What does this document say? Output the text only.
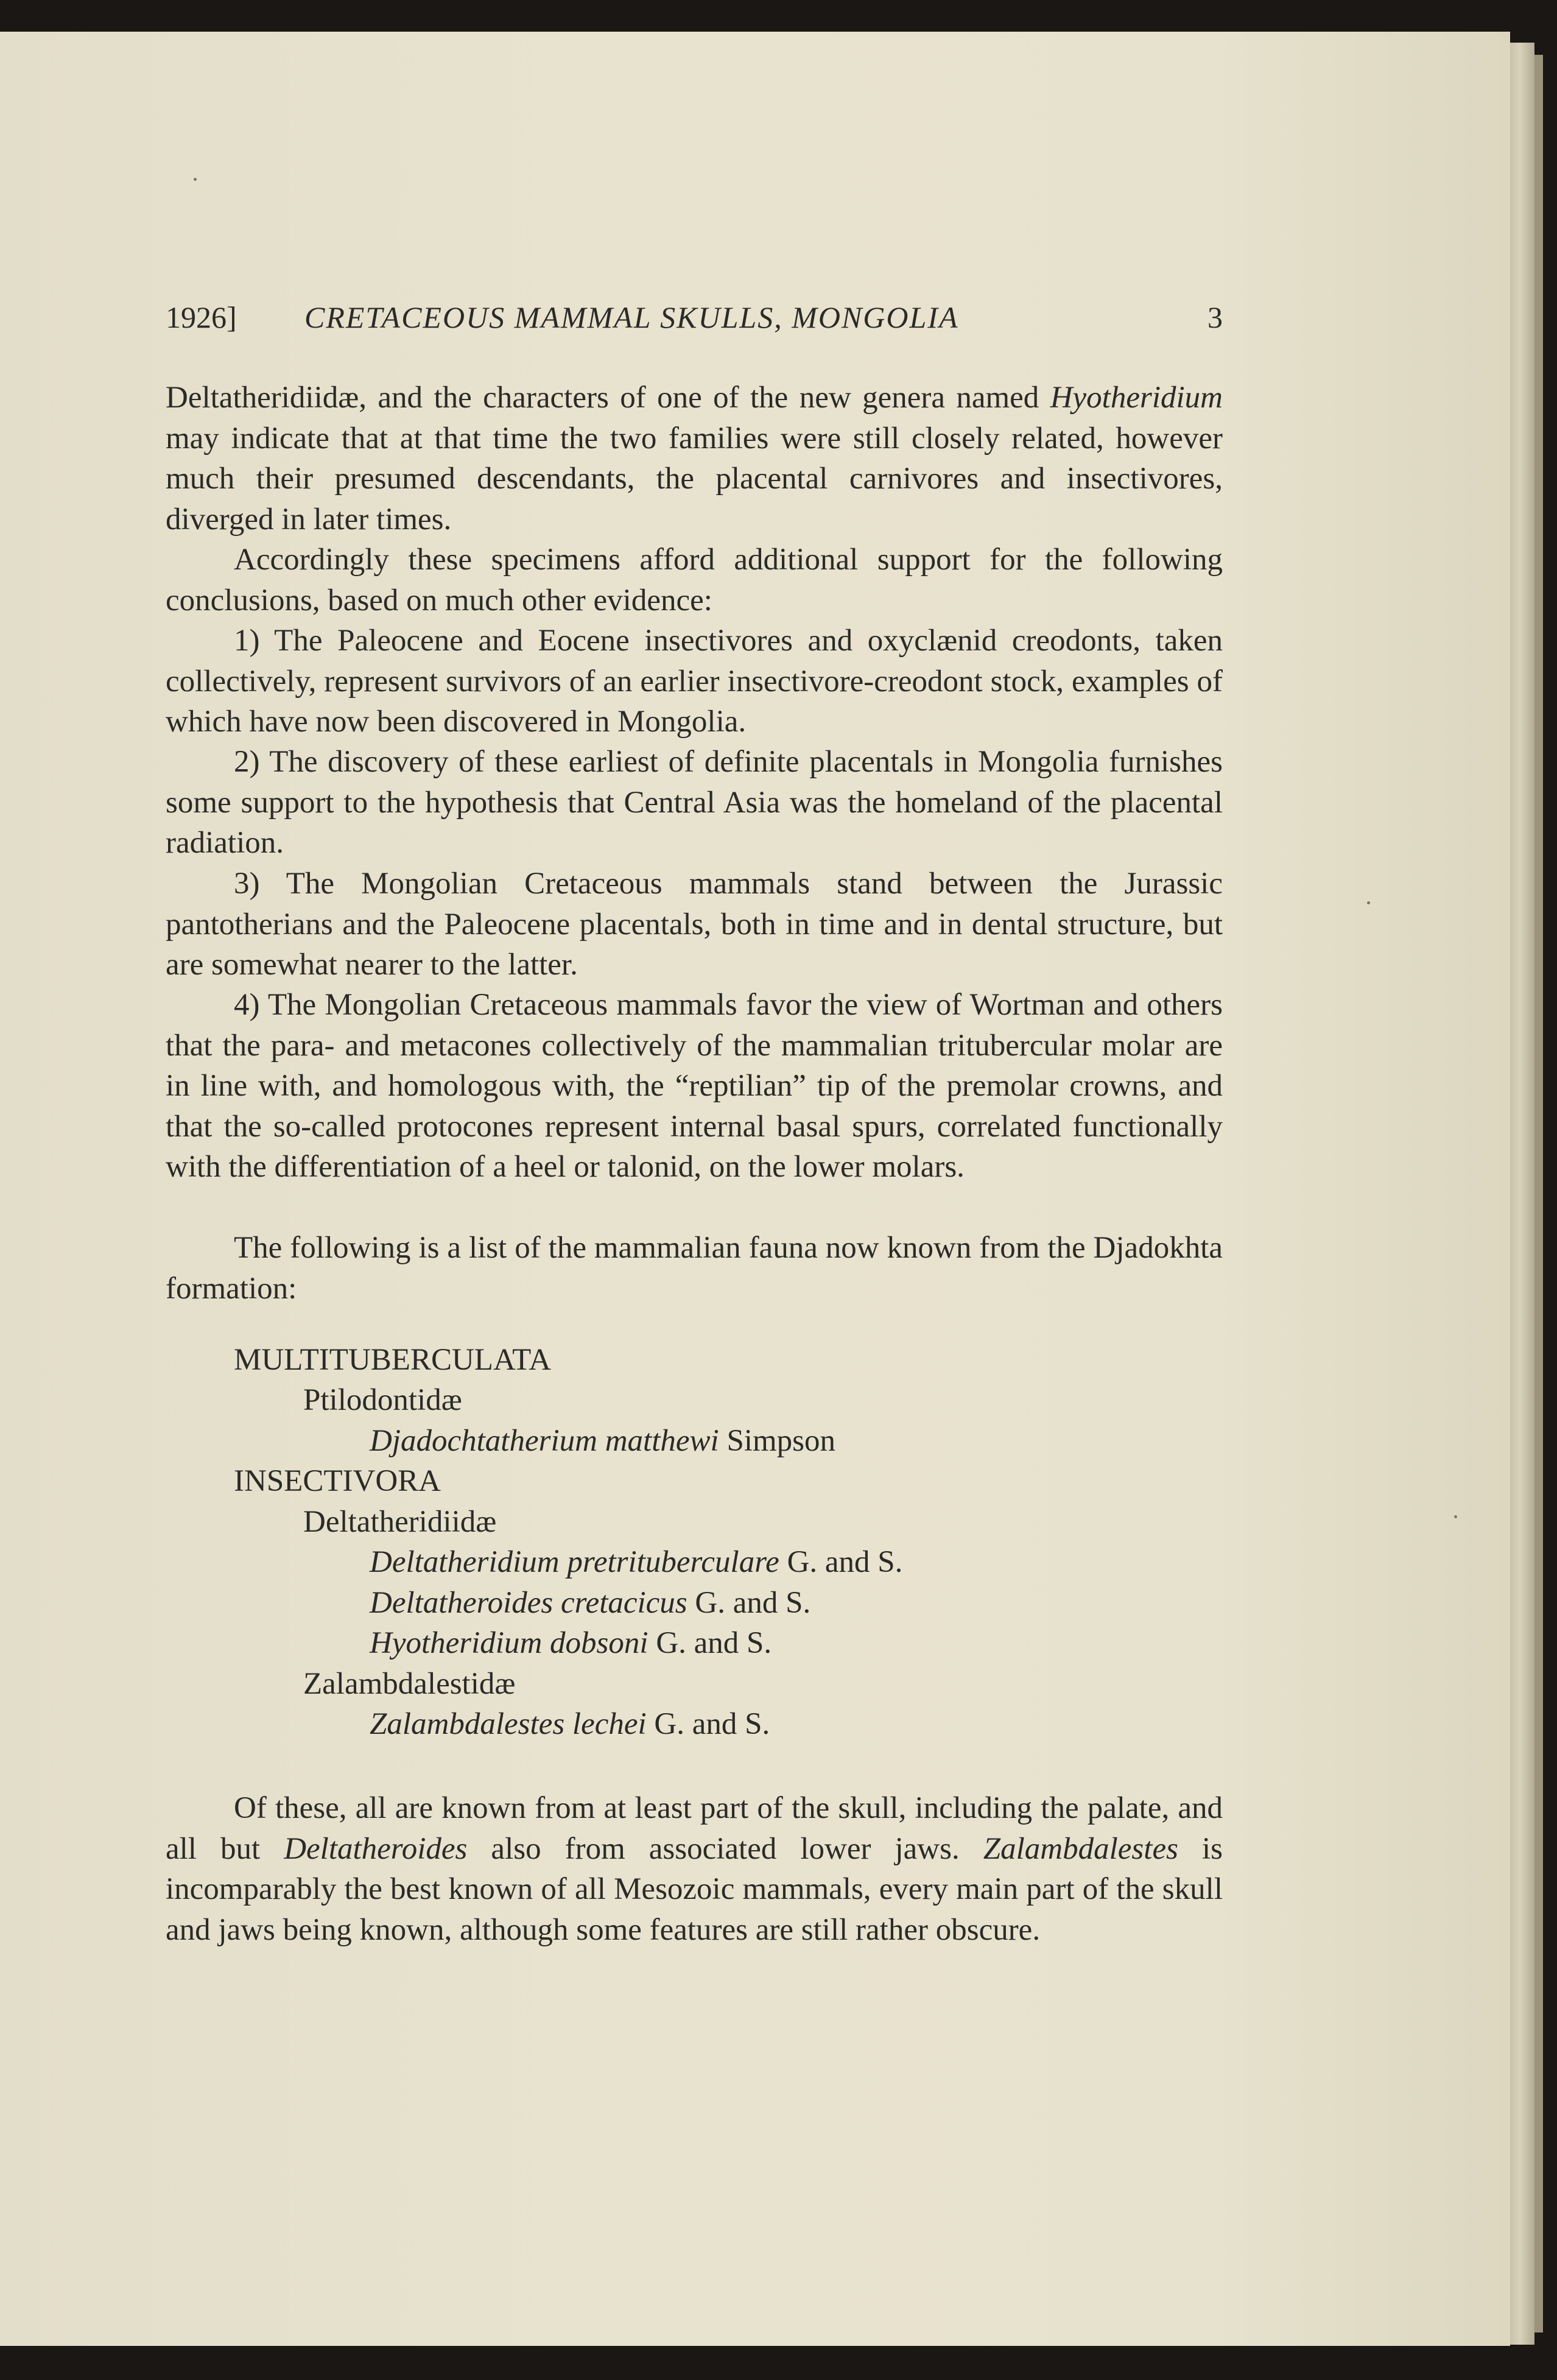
1926] CRETACEOUS MAMMAL SKULLS, MONGOLIA	3

Deltatheridiidæ, and the characters of one of the new genera named Hyotheridium may indicate that at that time the two families were still closely related, however much their presumed descendants, the placental carnivores and insectivores, diverged in later times.

Accordingly these specimens afford additional support for the following conclusions, based on much other evidence:

1) The Paleocene and Eocene insectivores and oxyclænid creodonts, taken collectively, represent survivors of an earlier insectivore-creodont stock, examples of which have now been discovered in Mongolia.

2) The discovery of these earliest of definite placentals in Mongolia furnishes some support to the hypothesis that Central Asia was the homeland of the placental radiation.

3) The Mongolian Cretaceous mammals stand between the Jurassic pantotherians and the Paleocene placentals, both in time and in dental structure, but are somewhat nearer to the latter.

4) The Mongolian Cretaceous mammals favor the view of Wortman and others that the para- and metacones collectively of the mammalian tritubercular molar are in line with, and homologous with, the “reptilian” tip of the premolar crowns, and that the so-called protocones represent internal basal spurs, correlated functionally with the differentiation of a heel or talonid, on the lower molars.

The following is a list of the mammalian fauna now known from the Djadokhta formation:

MULTITUBERCULATA
Ptilodontidæ
Djadochtatherium matthewi Simpson
INSECTIVORA
Deltatheridiidæ
Deltatheridium pretrituberculare G. and S.
Deltatheroides cretacicus G. and S.
Hyotheridium dobsoni G. and S.
Zalambdalestidæ
Zalambdalestes lechei G. and S.

Of these, all are known from at least part of the skull, including the palate, and all but Deltatheroides also from associated lower jaws. Zalambdalestes is incomparably the best known of all Mesozoic mammals, every main part of the skull and jaws being known, although some features are still rather obscure.
